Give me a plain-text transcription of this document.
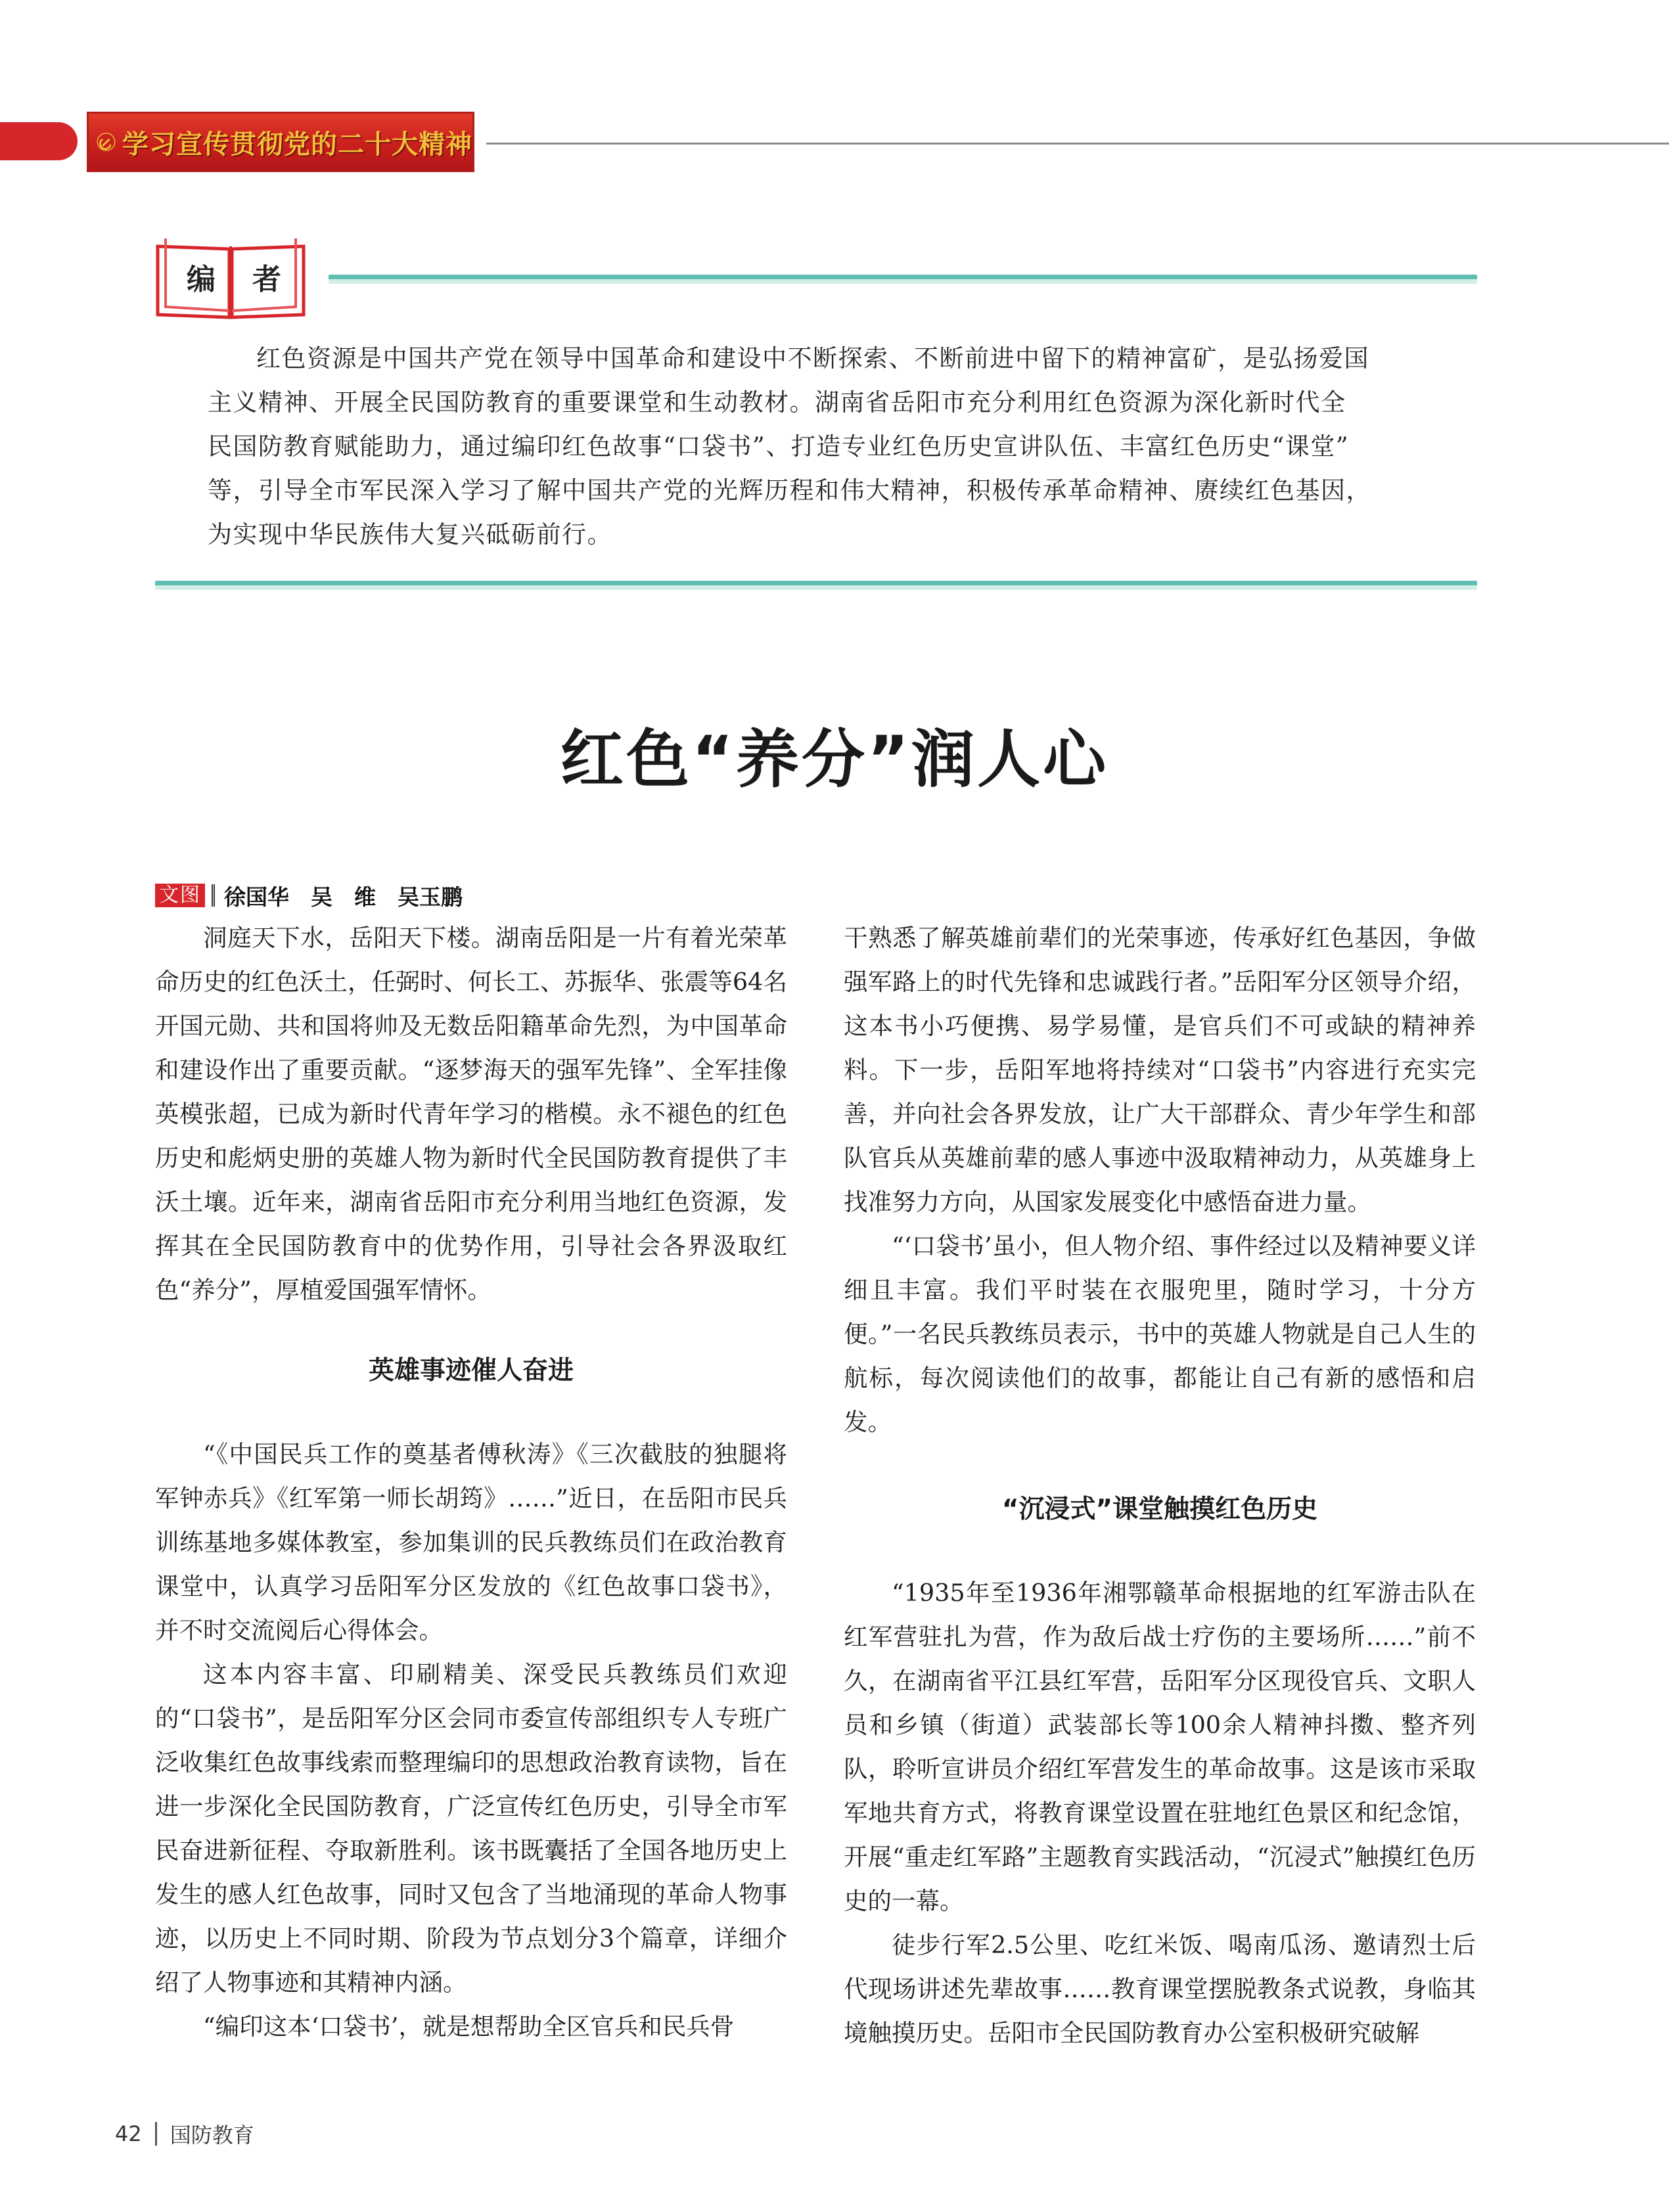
学习宣传贯彻党的二十大精神
编 者
红色资源是中国共产党在领导中国革命和建设中不断探索、不断前进中留下的精神富矿，是弘扬爱国
主义精神、开展全民国防教育的重要课堂和生动教材。湖南省岳阳市充分利用红色资源为深化新时代全
民国防教育赋能助力，通过编印红色故事“口袋书”、打造专业红色历史宣讲队伍、丰富红色历史“课堂”
等，引导全市军民深入学习了解中国共产党的光辉历程和伟大精神，积极传承革命精神、赓续红色基因，
为实现中华民族伟大复兴砥砺前行。
红色“养分”润人心
文图 徐国华　吴　维　吴玉鹏

洞庭天下水，岳阳天下楼。湖南岳阳是一片有着光荣革命历史的红色沃土，任弼时、何长工、苏振华、张震等64名开国元勋、共和国将帅及无数岳阳籍革命先烈，为中国革命和建设作出了重要贡献。“逐梦海天的强军先锋”、全军挂像英模张超，已成为新时代青年学习的楷模。永不褪色的红色历史和彪炳史册的英雄人物为新时代全民国防教育提供了丰沃土壤。近年来，湖南省岳阳市充分利用当地红色资源，发挥其在全民国防教育中的优势作用，引导社会各界汲取红色“养分”，厚植爱国强军情怀。

英雄事迹催人奋进

“《中国民兵工作的奠基者傅秋涛》《三次截肢的独腿将军钟赤兵》《红军第一师长胡筠》……”近日，在岳阳市民兵训练基地多媒体教室，参加集训的民兵教练员们在政治教育课堂中，认真学习岳阳军分区发放的《红色故事口袋书》，并不时交流阅后心得体会。

这本内容丰富、印刷精美、深受民兵教练员们欢迎的“口袋书”，是岳阳军分区会同市委宣传部组织专人专班广泛收集红色故事线索而整理编印的思想政治教育读物，旨在进一步深化全民国防教育，广泛宣传红色历史，引导全市军民奋进新征程、夺取新胜利。该书既囊括了全国各地历史上发生的感人红色故事，同时又包含了当地涌现的革命人物事迹，以历史上不同时期、阶段为节点划分3个篇章，详细介绍了人物事迹和其精神内涵。

“编印这本‘口袋书’，就是想帮助全区官兵和民兵骨

干熟悉了解英雄前辈们的光荣事迹，传承好红色基因，争做强军路上的时代先锋和忠诚践行者。”岳阳军分区领导介绍，这本书小巧便携、易学易懂，是官兵们不可或缺的精神养料。下一步，岳阳军地将持续对“口袋书”内容进行充实完善，并向社会各界发放，让广大干部群众、青少年学生和部队官兵从英雄前辈的感人事迹中汲取精神动力，从英雄身上找准努力方向，从国家发展变化中感悟奋进力量。

“‘口袋书’虽小，但人物介绍、事件经过以及精神要义详细且丰富。我们平时装在衣服兜里，随时学习，十分方便。”一名民兵教练员表示，书中的英雄人物就是自己人生的航标，每次阅读他们的故事，都能让自己有新的感悟和启发。

“沉浸式”课堂触摸红色历史

“1935年至1936年湘鄂赣革命根据地的红军游击队在红军营驻扎为营，作为敌后战士疗伤的主要场所……”前不久，在湖南省平江县红军营，岳阳军分区现役官兵、文职人员和乡镇（街道）武装部长等100余人精神抖擞、整齐列队，聆听宣讲员介绍红军营发生的革命故事。这是该市采取军地共育方式，将教育课堂设置在驻地红色景区和纪念馆，开展“重走红军路”主题教育实践活动，“沉浸式”触摸红色历史的一幕。

徒步行军2.5公里、吃红米饭、喝南瓜汤、邀请烈士后代现场讲述先辈故事……教育课堂摆脱教条式说教，身临其境触摸历史。岳阳市全民国防教育办公室积极研究破解

42 国防教育
